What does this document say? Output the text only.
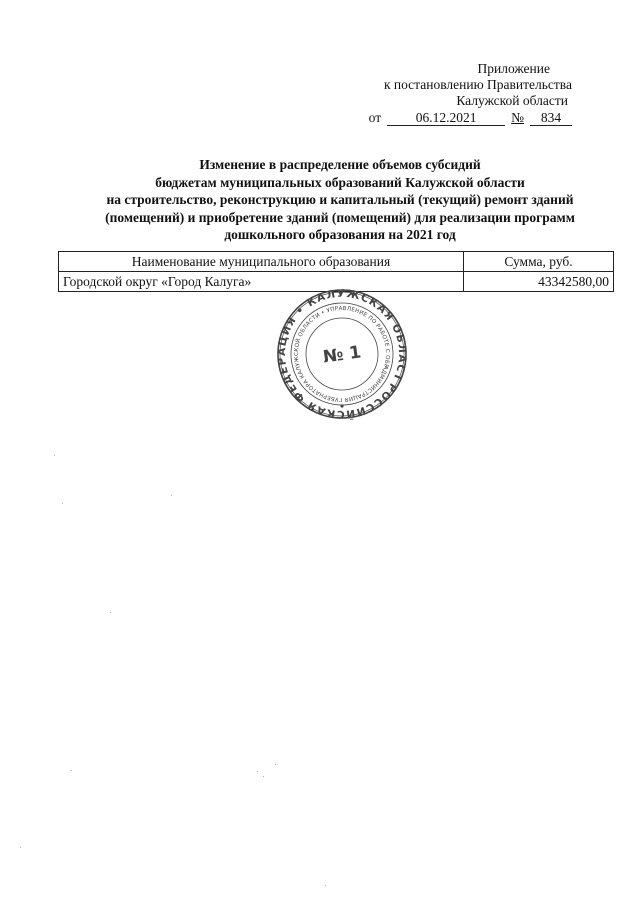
Приложение
к постановлению Правительства
Калужской области
от	06.12.2021	№	834
Изменение в распределение объемов субсидий
бюджетам муниципальных образований Калужской области
на строительство, реконструкцию и капитальный (текущий) ремонт зданий
(помещений) и приобретение зданий (помещений) для реализации программ
дошкольного образования на 2021 год
Наименование муниципального образования	Сумма, руб.
Городской округ «Город Калуга»	43342580,00
РОССИЙСКАЯ ФЕДЕРАЦИЯ • КАЛУЖСКАЯ ОБЛАСТЬ
АДМИНИСТРАЦИЯ ГУБЕРНАТОРА КАЛУЖСКОЙ ОБЛАСТИ • УПРАВЛЕНИЕ ПО РАБОТЕ С ОБРАЩЕНИЯМИ
№ 1
